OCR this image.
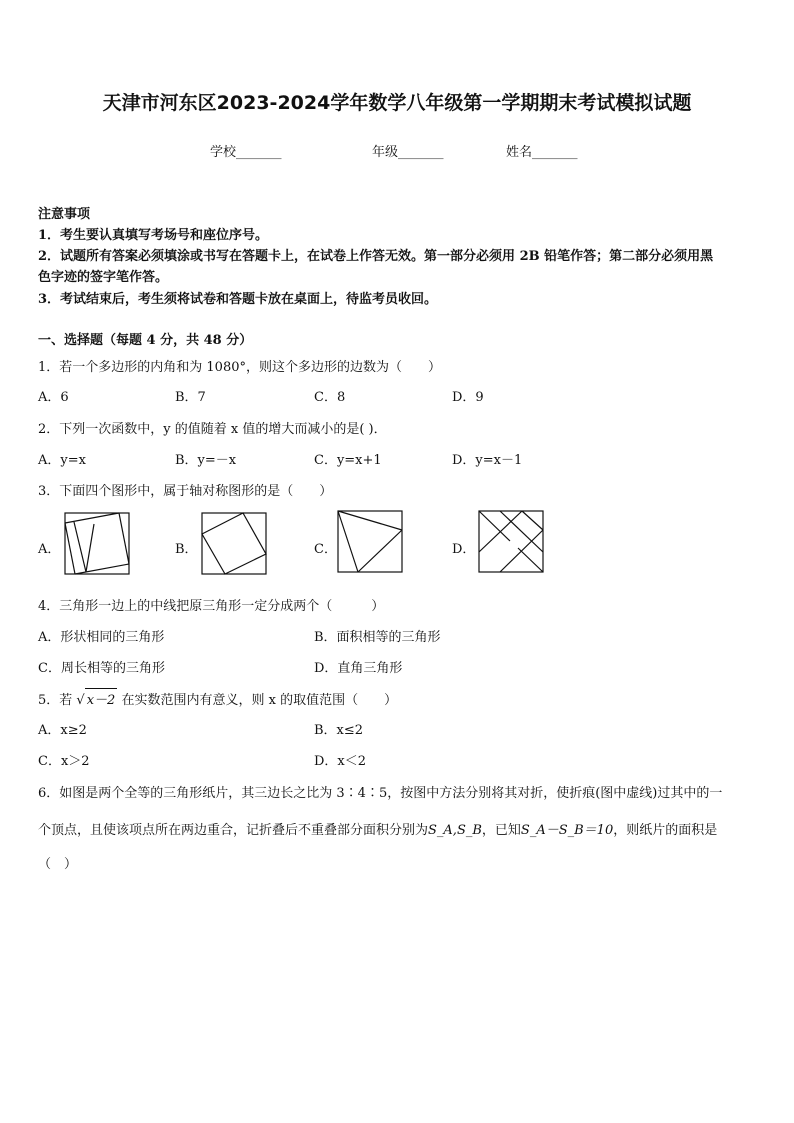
天津市河东区2023-2024学年数学八年级第一学期期末考试模拟试题
学校_______	年级_______	姓名_______
注意事项
1．考生要认真填写考场号和座位序号。
2．试题所有答案必须填涂或书写在答题卡上，在试卷上作答无效。第一部分必须用 2B 铅笔作答；第二部分必须用黑
色字迹的签字笔作答。
3．考试结束后，考生须将试卷和答题卡放在桌面上，待监考员收回。
一、选择题（每题 4 分，共 48 分）
1．若一个多边形的内角和为 1080°，则这个多边形的边数为（　　）
A．6	B．7	C．8	D．9
2．下列一次函数中，y 的值随着 x 值的增大而减小的是( )．
A．y=x	B．y=－x	C．y=x+1	D．y=x－1
3．下面四个图形中，属于轴对称图形的是（　　）
A．	B．	C．	D．
4．三角形一边上的中线把原三角形一定分成两个（　　　）
A．形状相同的三角形	B．面积相等的三角形
C．周长相等的三角形	D．直角三角形
5．若 √ x－2 在实数范围内有意义，则 x 的取值范围（　　）
A．x≥2	B．x≤2
C．x＞2	D．x＜2
6．如图是两个全等的三角形纸片，其三边长之比为 3∶4∶5，按图中方法分别将其对折，使折痕(图中虚线)过其中的一
个顶点，且使该项点所在两边重合，记折叠后不重叠部分面积分别为S_A,S_B，已知S_A－S_B＝10，则纸片的面积是
（　）
